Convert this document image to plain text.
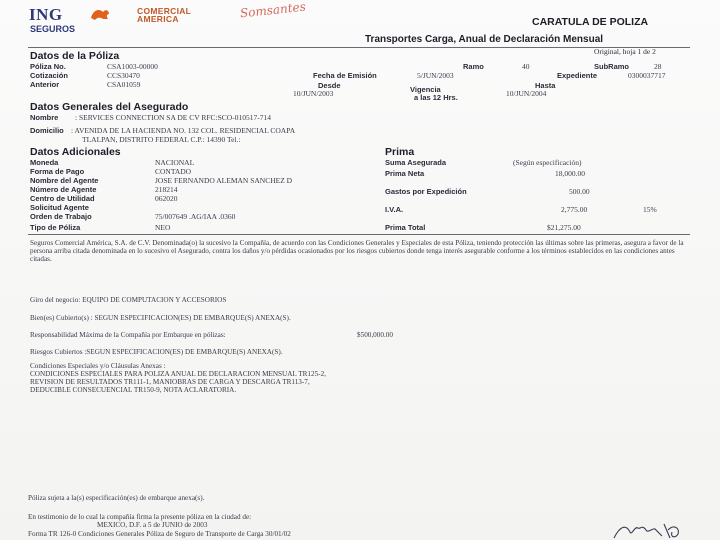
ING	COMERCIAL
AMERICA
SEGUROS
Somsantes
CARATULA DE POLIZA
Transportes Carga, Anual de Declaración Mensual
Original, hoja 1 de 2
Datos de la Póliza
Póliza No.	CSA1003-00000
Cotización	CCS30470
Anterior	CSA01059
Ramo	40	SubRamo	28
Fecha de Emisión	5/JUN/2003	Expediente	0300037717
Desde
10/JUN/2003	Vigencia
a las 12 Hrs.
Hasta
10/JUN/2004
Datos Generales del Asegurado
Nombre : SERVICES CONNECTION SA DE CV RFC:SCO-010517-714
Domicilio : AVENIDA DE LA HACIENDA NO. 132 COL. RESIDENCIAL COAPA
TLALPAN, DISTRITO FEDERAL C.P.: 14390 Tel.:
Datos Adicionales
Moneda	NACIONAL
Forma de Pago	CONTADO
Nombre del Agente	JOSE FERNANDO ALEMAN SANCHEZ D
Número de Agente	218214
Centro de Utilidad	062020
Solicitud Agente
Orden de Trabajo	75/007649 .AG/IAA .0360
Tipo de Póliza	NEO
Prima
Suma Asegurada	(Según especificación)
Prima Neta	18,000.00
Gastos por Expedición	500.00
I.V.A.	2,775.00	15%
Prima Total	$21,275.00
Seguros Comercial América, S.A. de C.V. Denominada(o) la sucesivo la Compañía, de acuerdo con las Condiciones Generales y Especiales de esta Póliza, teniendo protección las últimas sobre las primeras, asegura a favor de la persona arriba citada denominada en lo sucesivo el Asegurado, contra los daños y/o pérdidas ocasionados por los riesgos cubiertos donde tenga interés asegurable conforme a los términos establecidos en las condiciones antes citadas.
Giro del negocio: EQUIPO DE COMPUTACION Y ACCESORIOS
Bien(es) Cubierto(s) : SEGUN ESPECIFICACION(ES) DE EMBARQUE(S) ANEXA(S).
Responsabilidad Máxima de la Compañía por Embarque en pólizas:	$500,000.00
Riesgos Cubiertos :SEGUN ESPECIFICACION(ES) DE EMBARQUE(S) ANEXA(S).
Condiciones Especiales y/o Cláusulas Anexas :
CONDICIONES ESPECIALES PARA POLIZA ANUAL DE DECLARACION MENSUAL TR125-2,
REVISION DE RESULTADOS TR111-1, MANIOBRAS DE CARGA Y DESCARGA TR113-7,
DEDUCIBLE CONSECUENCIAL TR150-9, NOTA ACLARATORIA.
Póliza sujeta a la(s) especificación(es) de embarque anexa(s).
En testimonio de lo cual la compañía firma la presente póliza en la ciudad de:
MEXICO, D.F. a 5 de JUNIO de 2003
Forma TR 126-0 Condiciones Generales Póliza de Seguro de Transporte de Carga 30/01/02
